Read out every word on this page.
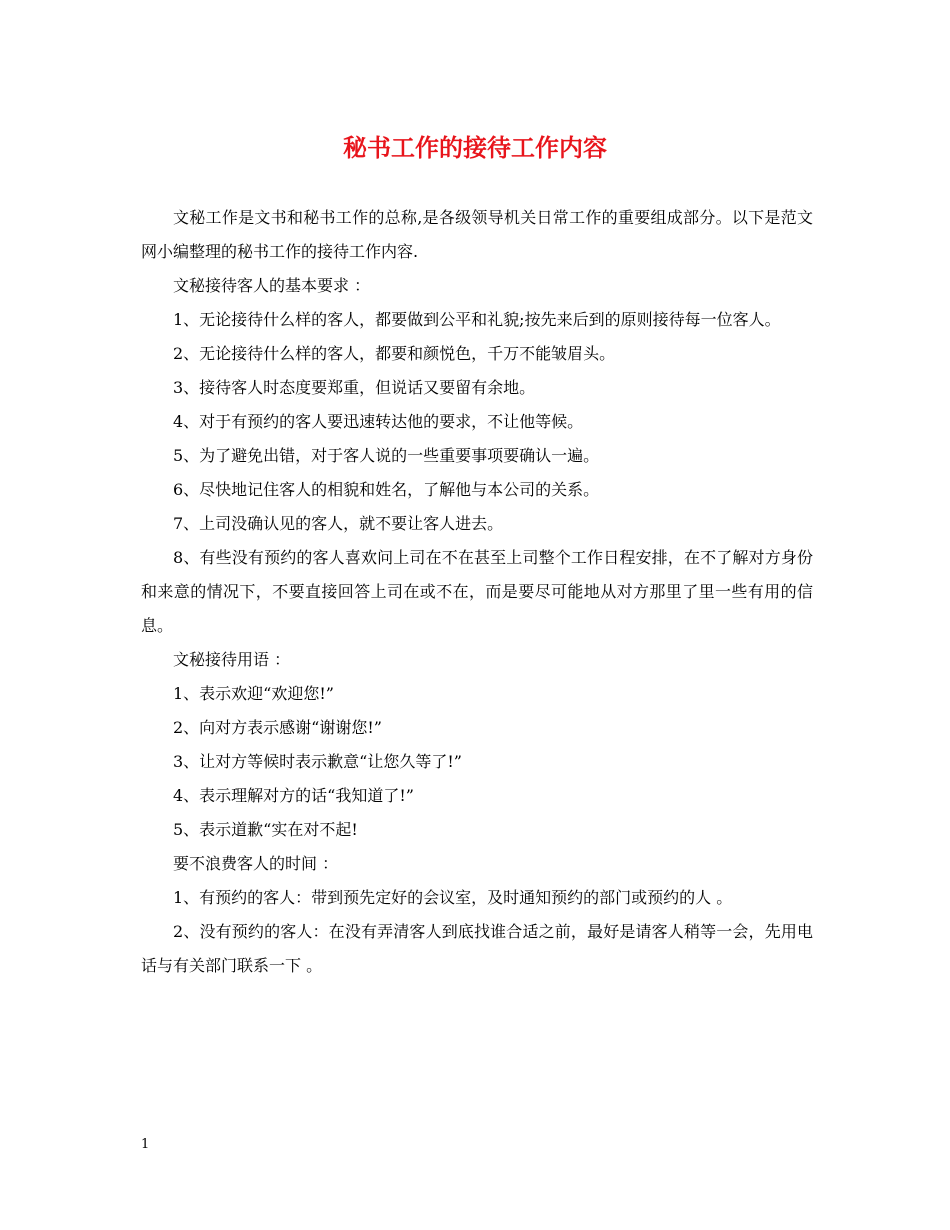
秘书工作的接待工作内容

文秘工作是文书和秘书工作的总称,是各级领导机关日常工作的重要组成部分。以下是范文网小编整理的秘书工作的接待工作内容.

文秘接待客人的基本要求 ：

1、无论接待什么样的客人，都要做到公平和礼貌;按先来后到的原则接待每一位客人。

2、无论接待什么样的客人，都要和颜悦色，千万不能皱眉头。

3、接待客人时态度要郑重，但说话又要留有余地。

4、对于有预约的客人要迅速转达他的要求，不让他等候。

5、为了避免出错，对于客人说的一些重要事项要确认一遍。

6、尽快地记住客人的相貌和姓名，了解他与本公司的关系。

7、上司没确认见的客人，就不要让客人进去。

8、有些没有预约的客人喜欢问上司在不在甚至上司整个工作日程安排，在不了解对方身份和来意的情况下，不要直接回答上司在或不在，而是要尽可能地从对方那里了里一些有用的信息。

文秘接待用语 ：

1、表示欢迎“欢迎您!”

2、向对方表示感谢“谢谢您!”

3、让对方等候时表示歉意“让您久等了!”

4、表示理解对方的话“我知道了!”

5、表示道歉“实在对不起!

要不浪费客人的时间 ：

1、有预约的客人：带到预先定好的会议室，及时通知预约的部门或预约的人 。

2、没有预约的客人：在没有弄清客人到底找谁合适之前，最好是请客人稍等一会，先用电话与有关部门联系一下 。

1
